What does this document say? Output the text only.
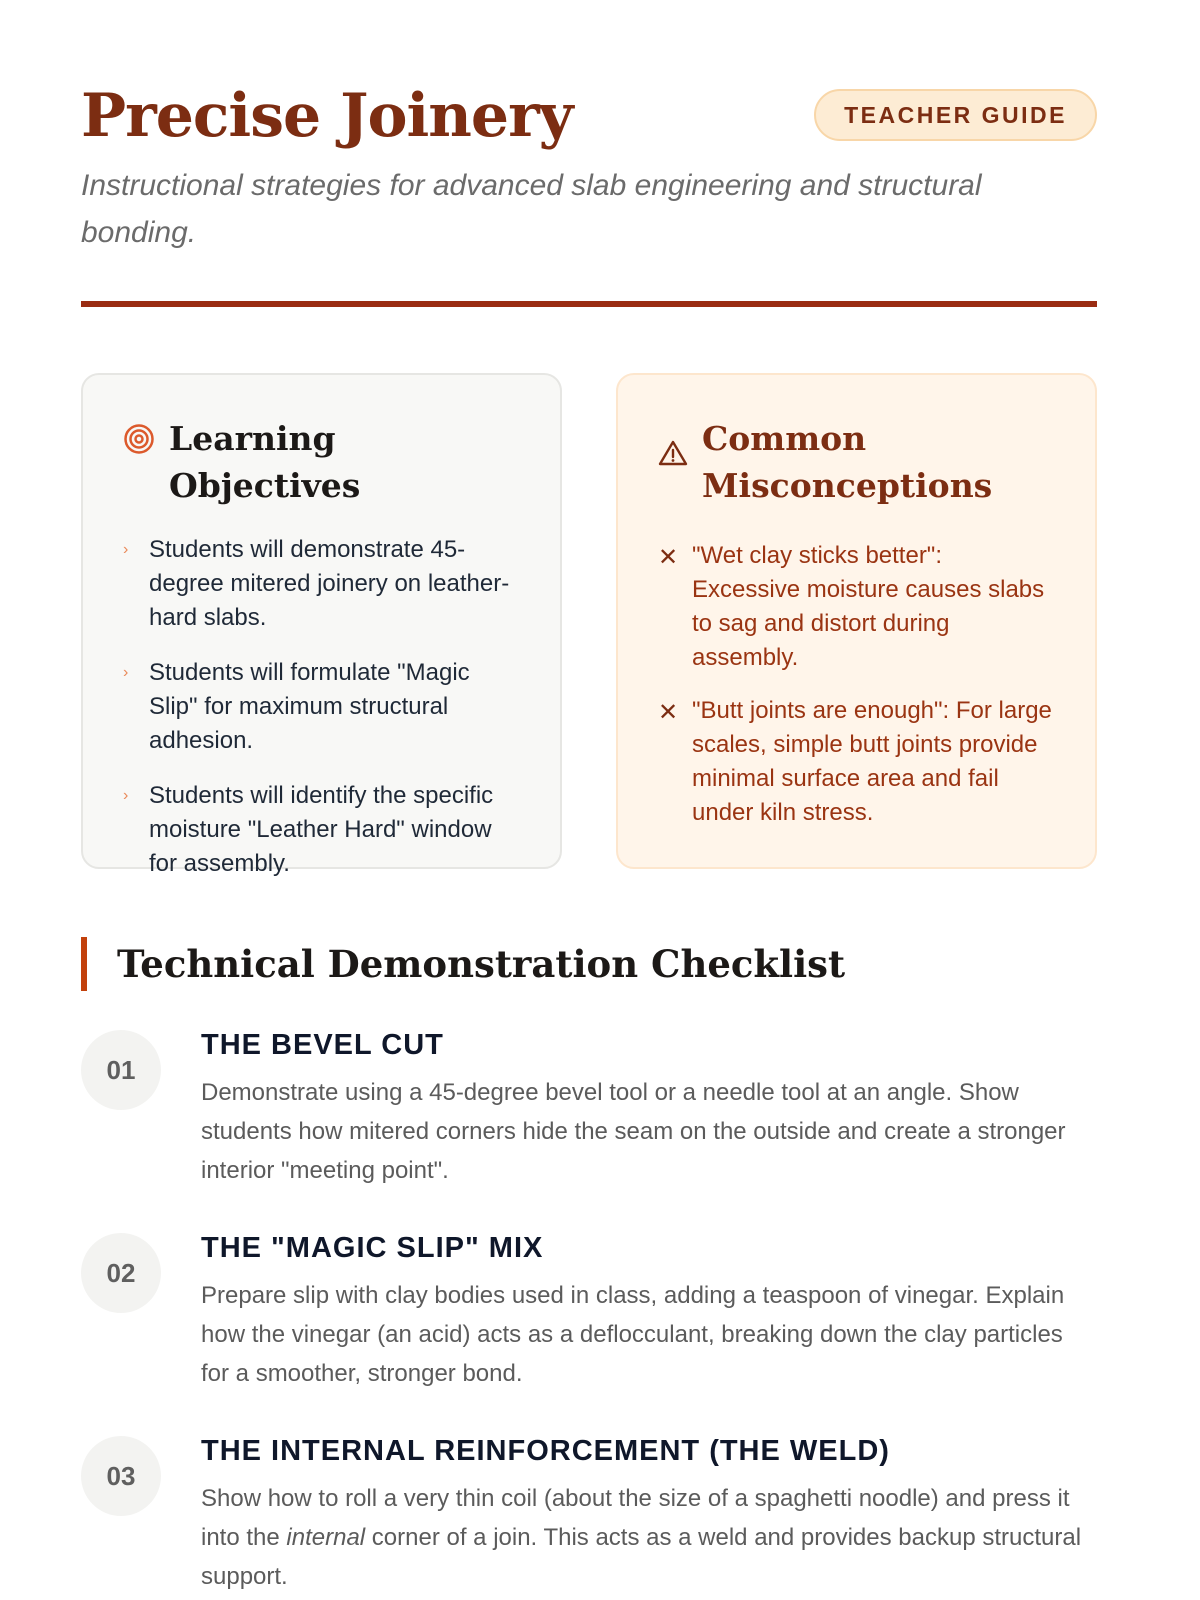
Precise Joinery	TEACHER GUIDE

Instructional strategies for advanced slab engineering and structural bonding.

Learning Objectives
› Students will demonstrate 45-degree mitered joinery on leather-hard slabs.
› Students will formulate "Magic Slip" for maximum structural adhesion.
› Students will identify the specific moisture "Leather Hard" window for assembly.
Common Misconceptions
✕ "Wet clay sticks better": Excessive moisture causes slabs to sag and distort during assembly.
✕ "Butt joints are enough": For large scales, simple butt joints provide minimal surface area and fail under kiln stress.
Technical Demonstration Checklist
01
THE BEVEL CUT

Demonstrate using a 45-degree bevel tool or a needle tool at an angle. Show students how mitered corners hide the seam on the outside and create a stronger interior "meeting point".

02
THE "MAGIC SLIP" MIX

Prepare slip with clay bodies used in class, adding a teaspoon of vinegar. Explain how the vinegar (an acid) acts as a deflocculant, breaking down the clay particles for a smoother, stronger bond.

03
THE INTERNAL REINFORCEMENT (THE WELD)

Show how to roll a very thin coil (about the size of a spaghetti noodle) and press it into the internal corner of a join. This acts as a weld and provides backup structural support.
